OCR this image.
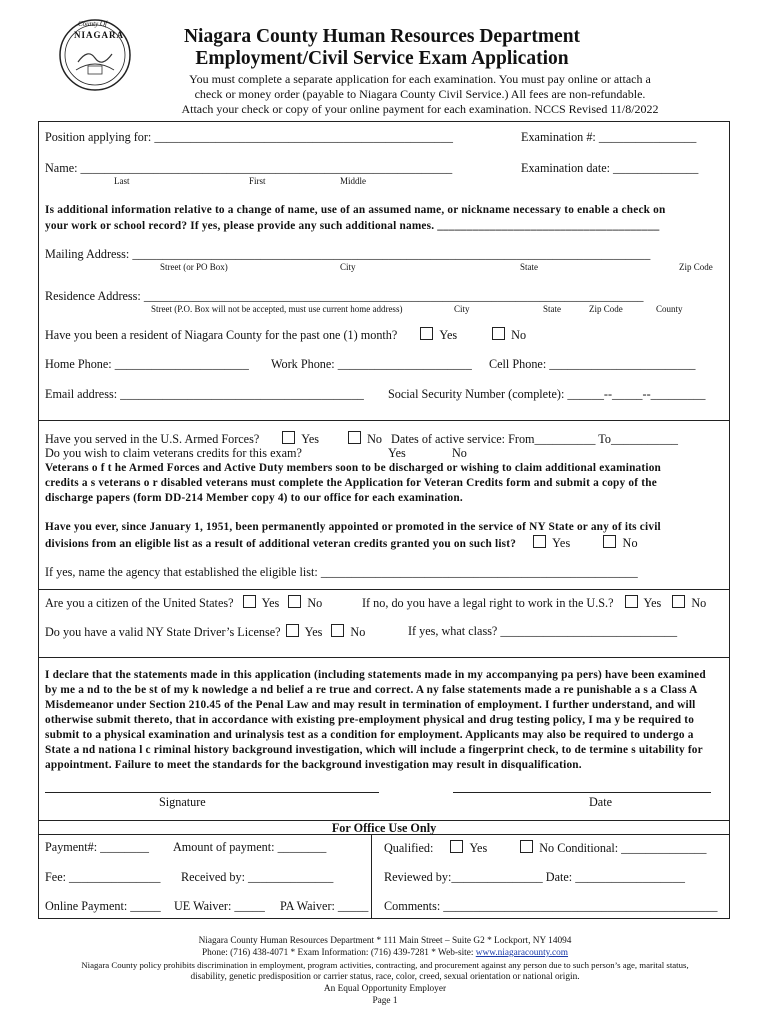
County Of
NIAGARA	Niagara County Human Resources Department
Employment/Civil Service Exam Application
You must complete a separate application for each examination. You must pay online or attach a
check or money order (payable to Niagara County Civil Service.) All fees are non-refundable.
Attach your check or copy of your online payment for each examination. NCCS Revised 11/8/2022
Position applying for: _________________________________________________	Examination #: ________________
Name: _____________________________________________________________	Examination date: ______________
Last	First	Middle
Is additional information relative to a change of name, use of an assumed name, or nickname necessary to enable a check on
your work or school record? If yes, please provide any such additional names. ______________________________________
Mailing Address: _____________________________________________________________________________________
Street (or PO Box)	City	State	Zip Code
Residence Address: __________________________________________________________________________________
Street (P.O. Box will not be accepted, must use current home address)	City	State	Zip Code	County
Have you been a resident of Niagara County for the past one (1) month?	Yes	No
Home Phone: ______________________ Work Phone: ______________________ Cell Phone: ________________________
Email address: ________________________________________ Social Security Number (complete): ______--_____--_________
Have you served in the U.S. Armed Forces?	Yes	No Dates of active service: From__________ To___________
Do you wish to claim veterans credits for this exam?	Yes	No
Veterans o f t he Armed Forces and Active Duty members soon to be discharged or wishing to claim additional examination
credits a s veterans o r disabled veterans must complete the Application for Veteran Credits form and submit a copy of the
discharge papers (form DD-214 Member copy 4) to our office for each examination.
Have you ever, since January 1, 1951, been permanently appointed or promoted in the service of NY State or any of its civil
divisions from an eligible list as a result of additional veteran credits granted you on such list?	Yes	No
If yes, name the agency that established the eligible list: ____________________________________________________
Are you a citizen of the United States? Yes No	If no, do you have a legal right to work in the U.S.? Yes No
Do you have a valid NY State Driver’s License? Yes No	If yes, what class? _____________________________
I declare that the statements made in this application (including statements made in my accompanying pa pers) have been examined
by me a nd to the be st of my k nowledge a nd belief a re true and correct. A ny false statements made a re punishable a s a Class A
Misdemeanor under Section 210.45 of the Penal Law and may result in termination of employment. I further understand, and will
otherwise submit thereto, that in accordance with existing pre-employment physical and drug testing policy, I ma y be required to
submit to a physical examination and urinalysis test as a condition for employment. Applicants may also be required to undergo a
State a nd nationa l c riminal history background investigation, which will include a fingerprint check, to de termine s uitability for
appointment. Failure to meet the standards for the background investigation may result in disqualification.
Signature	Date
For Office Use Only
Payment#: ________ Amount of payment: ________	Qualified:	Yes	No Conditional: ______________
Fee: _______________ Received by: ______________	Reviewed by:_______________ Date: __________________
Online Payment: _____ UE Waiver: _____ PA Waiver: _____ Comments: _____________________________________________
Niagara County Human Resources Department * 111 Main Street – Suite G2 * Lockport, NY 14094
Phone: (716) 438-4071 * Exam Information: (716) 439-7281 * Web-site: www.niagaracounty.com
Niagara County policy prohibits discrimination in employment, program activities, contracting, and procurement against any person due to such person’s age, marital status,
disability, genetic predisposition or carrier status, race, color, creed, sexual orientation or national origin.
An Equal Opportunity Employer
Page 1
